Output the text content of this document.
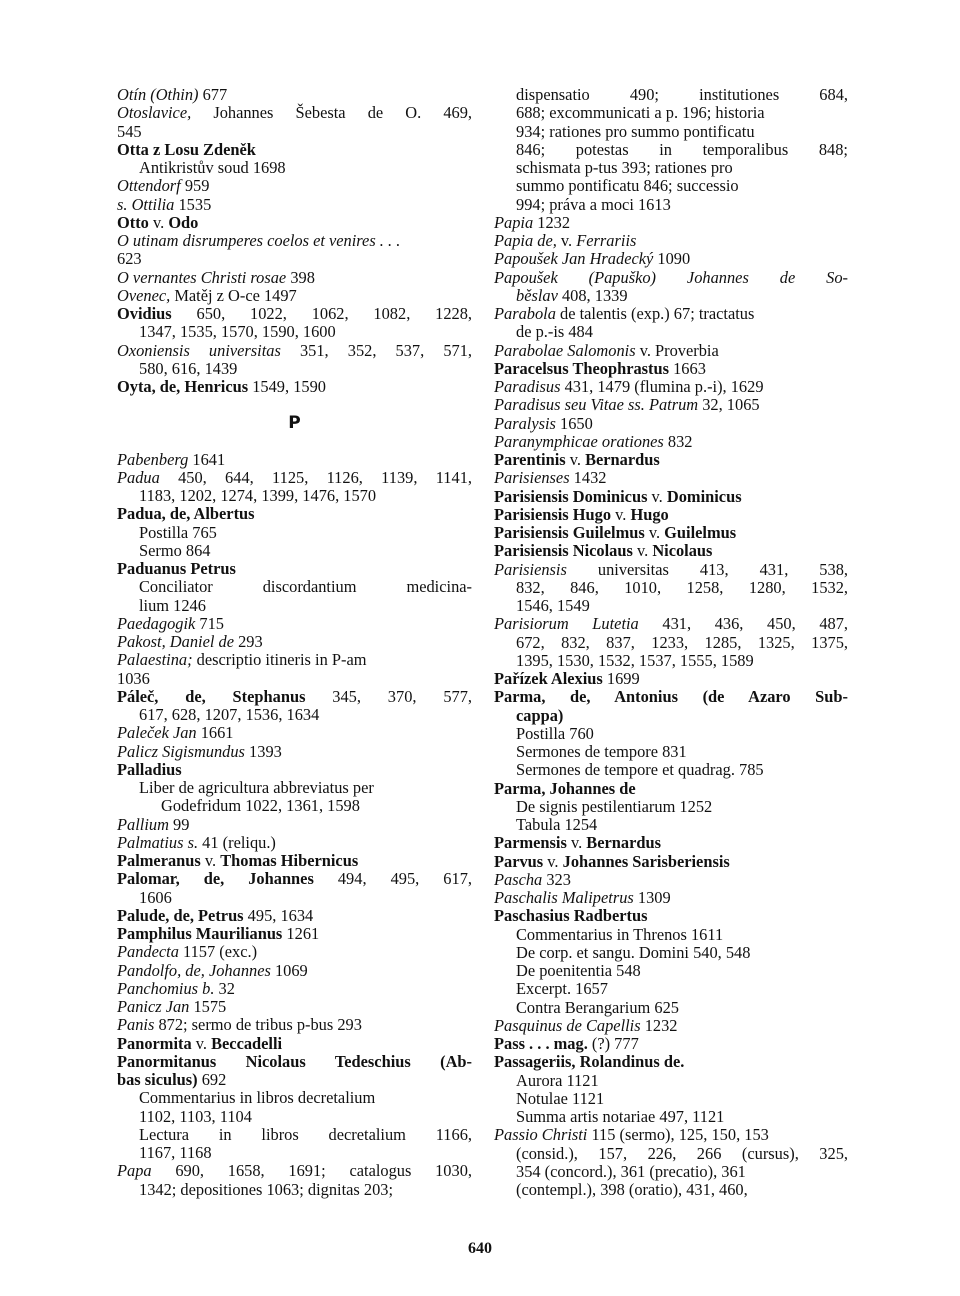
Otín (Othin) 677
Otoslavice, Johannes Šebesta de O. 469,
545
Otta z Losu Zdeněk
Antikristův soud 1698
Ottendorf 959
s. Ottilia 1535
Otto v. Odo
O utinam disrumperes coelos et venires . . .
623
O vernantes Christi rosae 398
Ovenec, Matěj z O-ce 1497
Ovidius 650, 1022, 1062, 1082, 1228,
1347, 1535, 1570, 1590, 1600
Oxoniensis universitas 351, 352, 537, 571,
580, 616, 1439
Oyta, de, Henricus 1549, 1590
P
Pabenberg 1641
Padua 450, 644, 1125, 1126, 1139, 1141,
1183, 1202, 1274, 1399, 1476, 1570
Padua, de, Albertus
Postilla 765
Sermo 864
Paduanus Petrus
Conciliator discordantium medicina-
lium 1246
Paedagogik 715
Pakost, Daniel de 293
Palaestina; descriptio itineris in P-am
1036
Páleč, de, Stephanus 345, 370, 577,
617, 628, 1207, 1536, 1634
Paleček Jan 1661
Palicz Sigismundus 1393
Palladius
Liber de agricultura abbreviatus per
Godefridum 1022, 1361, 1598
Pallium 99
Palmatius s. 41 (reliqu.)
Palmeranus v. Thomas Hibernicus
Palomar, de, Johannes 494, 495, 617,
1606
Palude, de, Petrus 495, 1634
Pamphilus Maurilianus 1261
Pandecta 1157 (exc.)
Pandolfo, de, Johannes 1069
Panchomius b. 32
Panicz Jan 1575
Panis 872; sermo de tribus p-bus 293
Panormita v. Beccadelli
Panormitanus Nicolaus Tedeschius (Ab-
bas siculus) 692
Commentarius in libros decretalium
1102, 1103, 1104
Lectura in libros decretalium 1166,
1167, 1168
Papa 690, 1658, 1691; catalogus 1030,
1342; depositiones 1063; dignitas 203;
dispensatio 490; institutiones 684,
688; excommunicati a p. 196; historia
934; rationes pro summo pontificatu
846; potestas in temporalibus 848;
schismata p-tus 393; rationes pro
summo pontificatu 846; successio
994; práva a moci 1613
Papia 1232
Papia de, v. Ferrariis
Papoušek Jan Hradecký 1090
Papoušek (Papuško) Johannes de So-
běslav 408, 1339
Parabola de talentis (exp.) 67; tractatus
de p.-is 484
Parabolae Salomonis v. Proverbia
Paracelsus Theophrastus 1663
Paradisus 431, 1479 (flumina p.-i), 1629
Paradisus seu Vitae ss. Patrum 32, 1065
Paralysis 1650
Paranymphicae orationes 832
Parentinis v. Bernardus
Parisienses 1432
Parisiensis Dominicus v. Dominicus
Parisiensis Hugo v. Hugo
Parisiensis Guilelmus v. Guilelmus
Parisiensis Nicolaus v. Nicolaus
Parisiensis universitas 413, 431, 538,
832, 846, 1010, 1258, 1280, 1532,
1546, 1549
Parisiorum Lutetia 431, 436, 450, 487,
672, 832, 837, 1233, 1285, 1325, 1375,
1395, 1530, 1532, 1537, 1555, 1589
Pařízek Alexius 1699
Parma, de, Antonius (de Azaro Sub-
cappa)
Postilla 760
Sermones de tempore 831
Sermones de tempore et quadrag. 785
Parma, Johannes de
De signis pestilentiarum 1252
Tabula 1254
Parmensis v. Bernardus
Parvus v. Johannes Sarisberiensis
Pascha 323
Paschalis Malipetrus 1309
Paschasius Radbertus
Commentarius in Threnos 1611
De corp. et sangu. Domini 540, 548
De poenitentia 548
Excerpt. 1657
Contra Berangarium 625
Pasquinus de Capellis 1232
Pass . . . mag. (?) 777
Passageriis, Rolandinus de.
Aurora 1121
Notulae 1121
Summa artis notariae 497, 1121
Passio Christi 115 (sermo), 125, 150, 153
(consid.), 157, 226, 266 (cursus), 325,
354 (concord.), 361 (precatio), 361
(contempl.), 398 (oratio), 431, 460,
640
